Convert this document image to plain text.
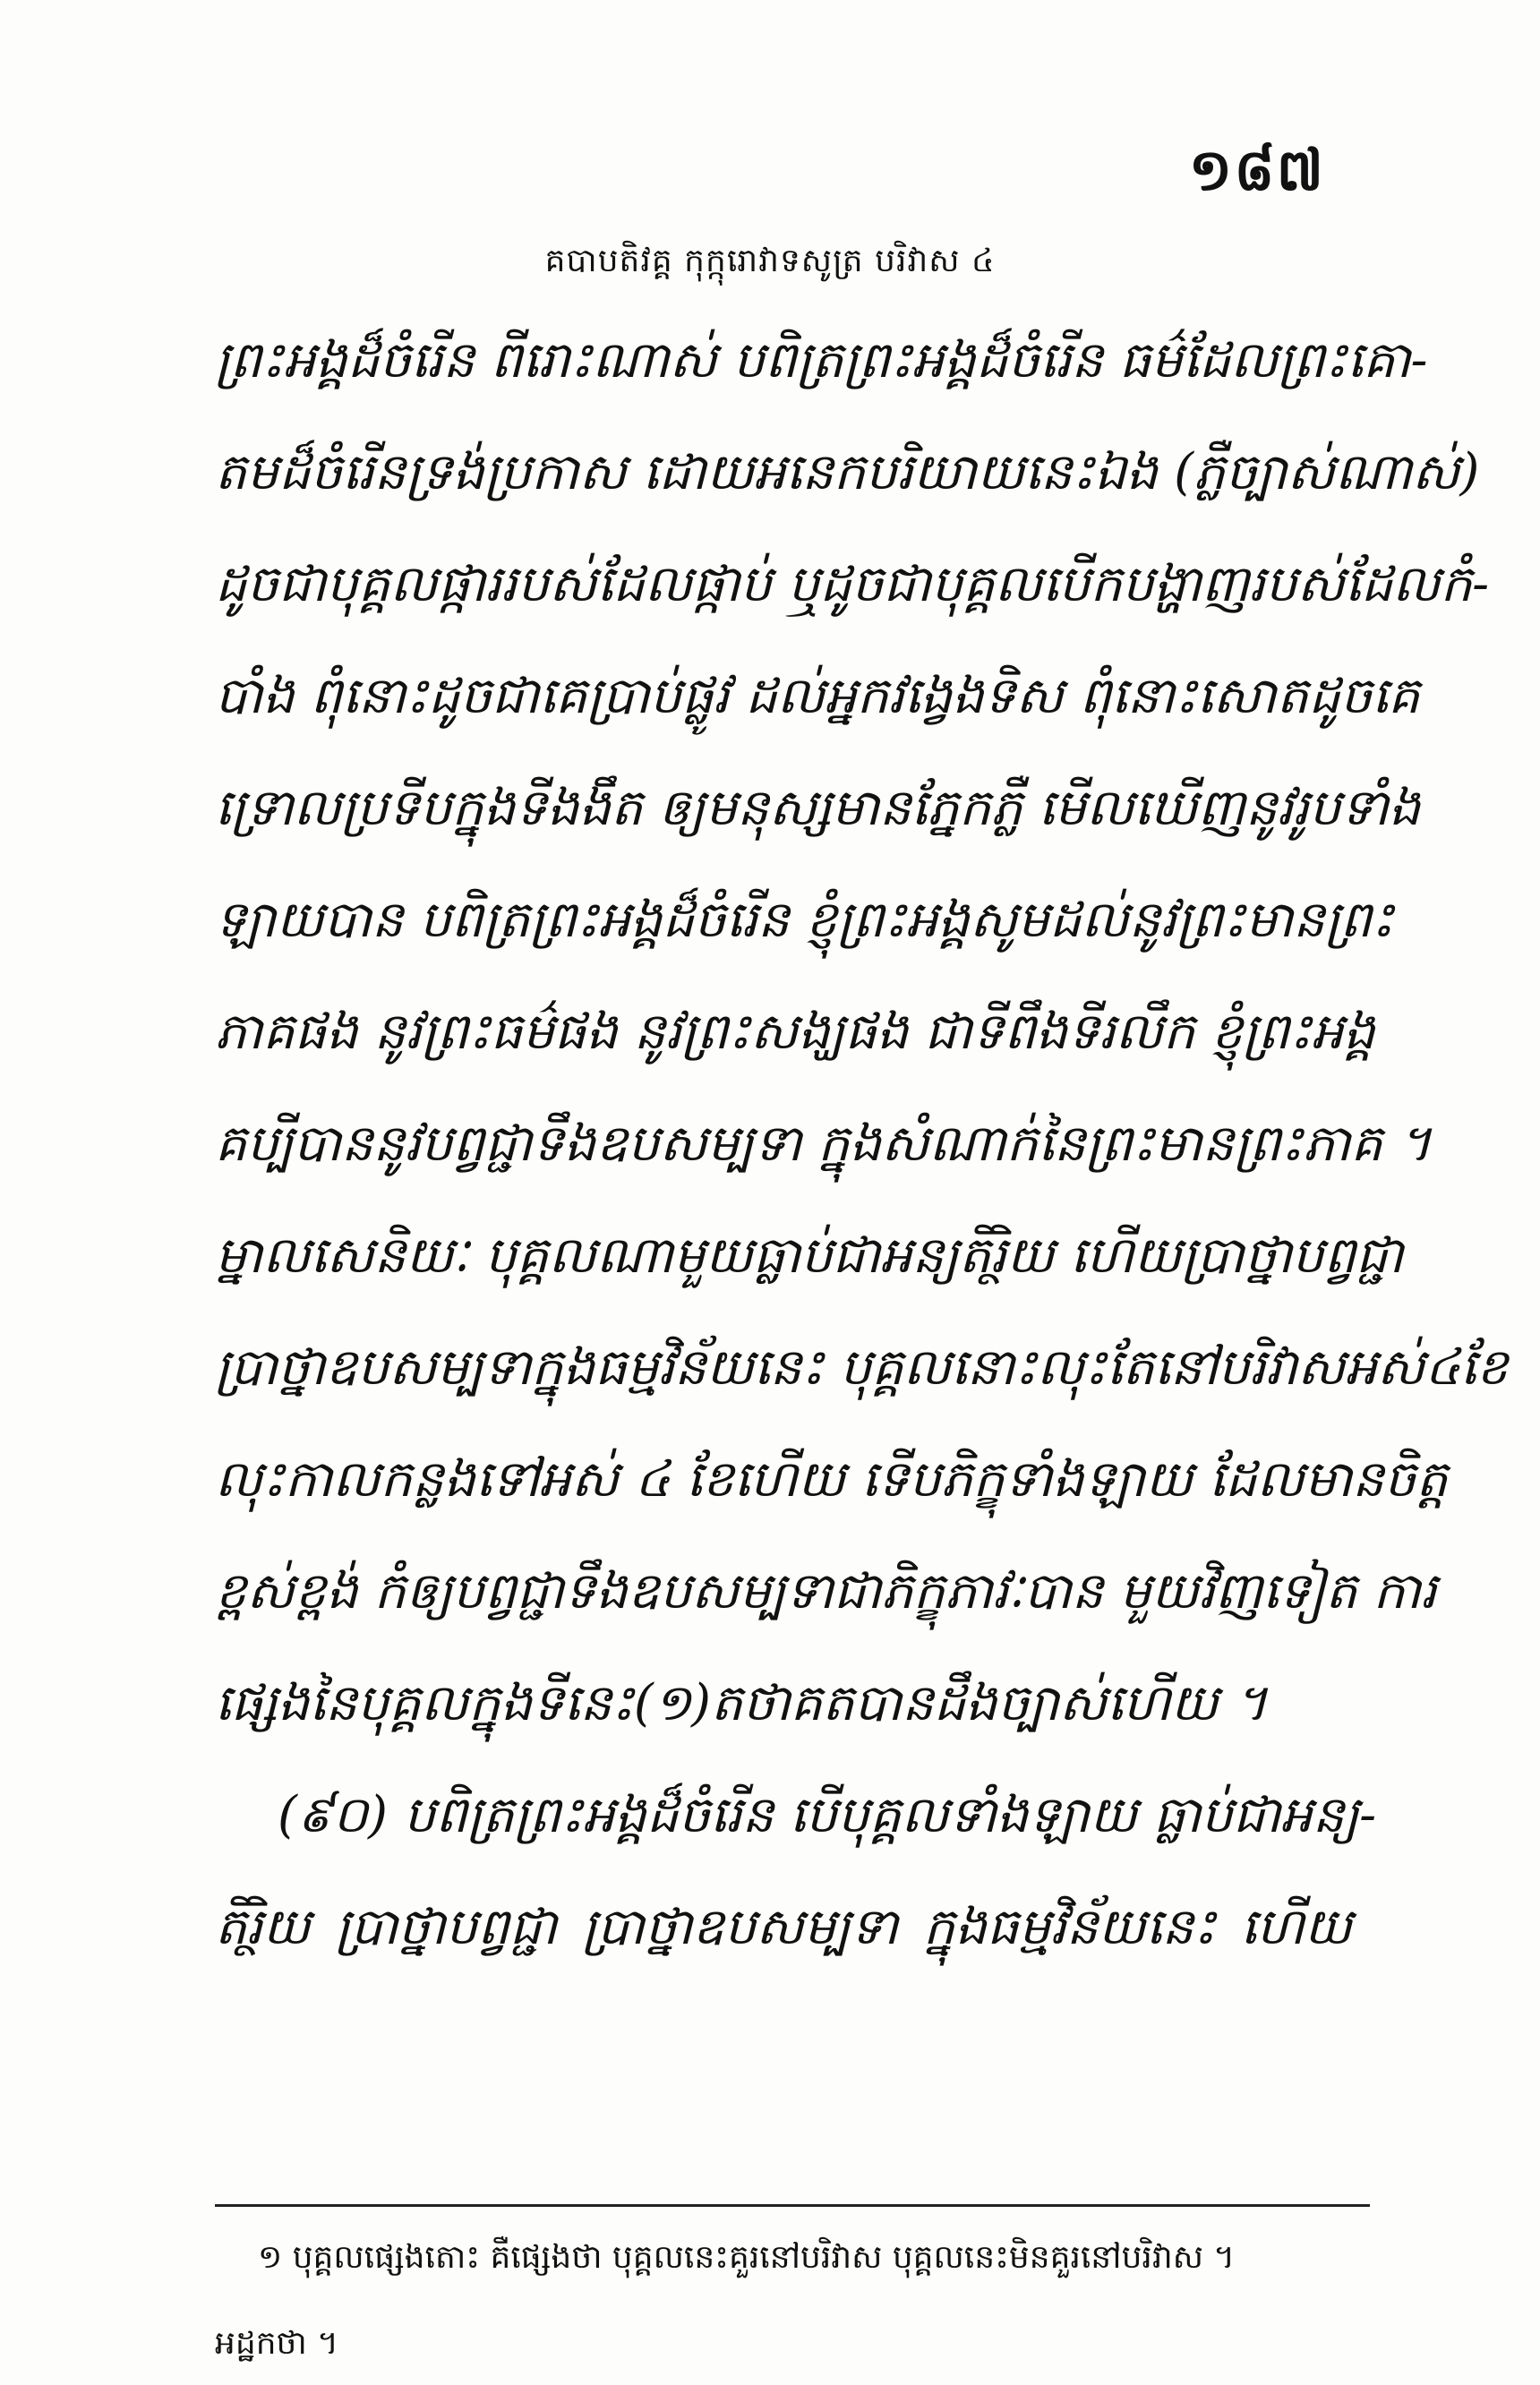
១៨៧
គបាបតិវគ្គ កុក្កុរោវាទសូត្រ បរិវាស ៤
ព្រះអង្គដ៏ចំរើន ពីរោះណាស់ បពិត្រព្រះអង្គដ៏ចំរើន ធម៌ដែលព្រះគោ-
តមដ៏ចំរើនទ្រង់ប្រកាស ដោយអនេកបរិយាយនេះឯង (ភ្លឺច្បាស់ណាស់)
ដូចជាបុគ្គលផ្ការរបស់ដែលផ្កាប់ ឬដូចជាបុគ្គលបើកបង្ហាញរបស់ដែលកំ-
បាំង ពុំនោះដូចជាគេប្រាប់ផ្លូវ ដល់អ្នកវង្វេងទិស ពុំនោះសោតដូចគេ
ទ្រោលប្រទីបក្នុងទីងងឹត ឲ្យមនុស្សមានភ្នែកភ្លឺ មើលឃើញនូវរូបទាំង
ឡាយបាន បពិត្រព្រះអង្គដ៏ចំរើន ខ្ញុំព្រះអង្គសូមដល់នូវព្រះមានព្រះ
ភាគផង នូវព្រះធម៌ផង នូវព្រះសង្ឃផង ជាទីពឹងទីរលឹក ខ្ញុំព្រះអង្គ
គប្បីបាននូវបព្វជ្ជាទឹងឧបសម្បទា ក្នុងសំណាក់នៃព្រះមានព្រះភាគ ។
ម្នាលសេនិយៈ បុគ្គលណាមួយធ្លាប់ជាអន្យតិរ្ថិយ ហើយប្រាថ្នាបព្វជ្ជា
ប្រាថ្នាឧបសម្បទាក្នុងធម្មវិន័យនេះ បុគ្គលនោះលុះតែនៅបរិវាសអស់៤ខែ
លុះកាលកន្លងទៅអស់ ៤ ខែហើយ ទើបភិក្ខុទាំងឡាយ ដែលមានចិត្ត
ខ្ពស់ខ្ពង់ កំឲ្យបព្វជ្ជាទឹងឧបសម្បទាជាភិក្ខុភាវៈបាន មួយវិញទៀត ការ
ផ្សេងនៃបុគ្គលក្នុងទីនេះ(១)តថាគតបានដឹងច្បាស់ហើយ ។
(៩០) បពិត្រព្រះអង្គដ៏ចំរើន បើបុគ្គលទាំងឡាយ ធ្លាប់ជាអន្យ-
តិរ្ថិយ ប្រាថ្នាបព្វជ្ជា ប្រាថ្នាឧបសម្បទា ក្នុងធម្មវិន័យនេះ ហើយ
១ បុគ្គលផ្សេងតោះ គឺផ្សេងថា បុគ្គលនេះគួរនៅបរិវាស បុគ្គលនេះមិនគួរនៅបរិវាស ។
អដ្ឋកថា ។
